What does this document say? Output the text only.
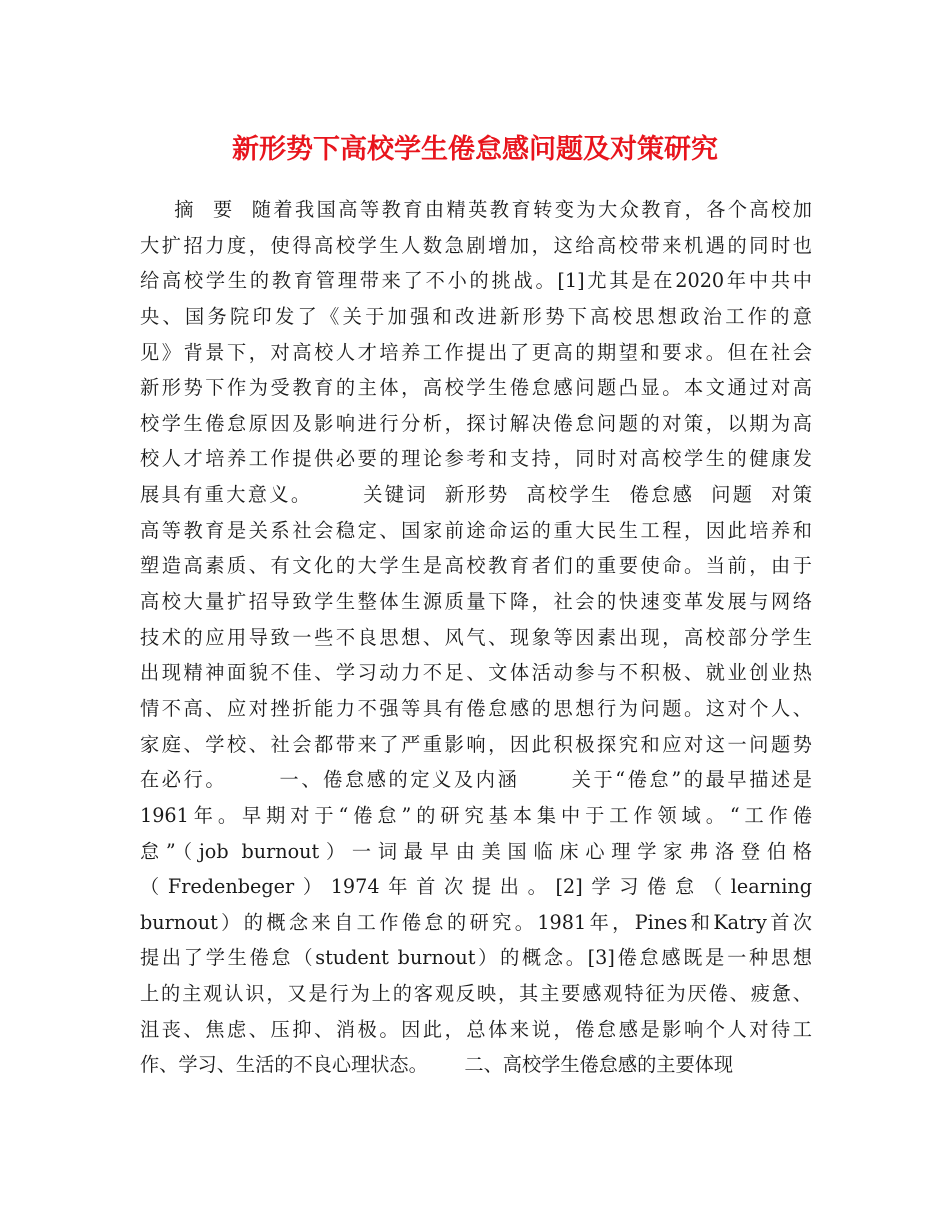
新形势下高校学生倦怠感问题及对策研究
摘  要  随着我国高等教育由精英教育转变为大众教育，各个高校加
大扩招力度，使得高校学生人数急剧增加，这给高校带来机遇的同时也
给高校学生的教育管理带来了不小的挑战。[1]尤其是在2020年中共中
央、国务院印发了《关于加强和改进新形势下高校思想政治工作的意
见》背景下，对高校人才培养工作提出了更高的期望和要求。但在社会
新形势下作为受教育的主体，高校学生倦怠感问题凸显。本文通过对高
校学生倦怠原因及影响进行分析，探讨解决倦怠问题的对策，以期为高
校人才培养工作提供必要的理论参考和支持，同时对高校学生的健康发
展具有重大意义。      关键词  新形势  高校学生  倦怠感  问题  对策
高等教育是关系社会稳定、国家前途命运的重大民生工程，因此培养和
塑造高素质、有文化的大学生是高校教育者们的重要使命。当前，由于
高校大量扩招导致学生整体生源质量下降，社会的快速变革发展与网络
技术的应用导致一些不良思想、风气、现象等因素出现，高校部分学生
出现精神面貌不佳、学习动力不足、文体活动参与不积极、就业创业热
情不高、应对挫折能力不强等具有倦怠感的思想行为问题。这对个人、
家庭、学校、社会都带来了严重影响，因此积极探究和应对这一问题势
在必行。      一、倦怠感的定义及内涵      关于“倦怠”的最早描述是
1961年。早期对于“倦怠”的研究基本集中于工作领域。“工作倦
怠”（job burnout）一词最早由美国临床心理学家弗洛登伯格
（Fredenbeger）1974年首次提出。[2]学习倦怠（learning
burnout）的概念来自工作倦怠的研究。1981年，Pines和Katry首次
提出了学生倦怠（student burnout）的概念。[3]倦怠感既是一种思想
上的主观认识，又是行为上的客观反映，其主要感观特征为厌倦、疲惫、
沮丧、焦虑、压抑、消极。因此，总体来说，倦怠感是影响个人对待工
作、学习、生活的不良心理状态。      二、高校学生倦怠感的主要体现
